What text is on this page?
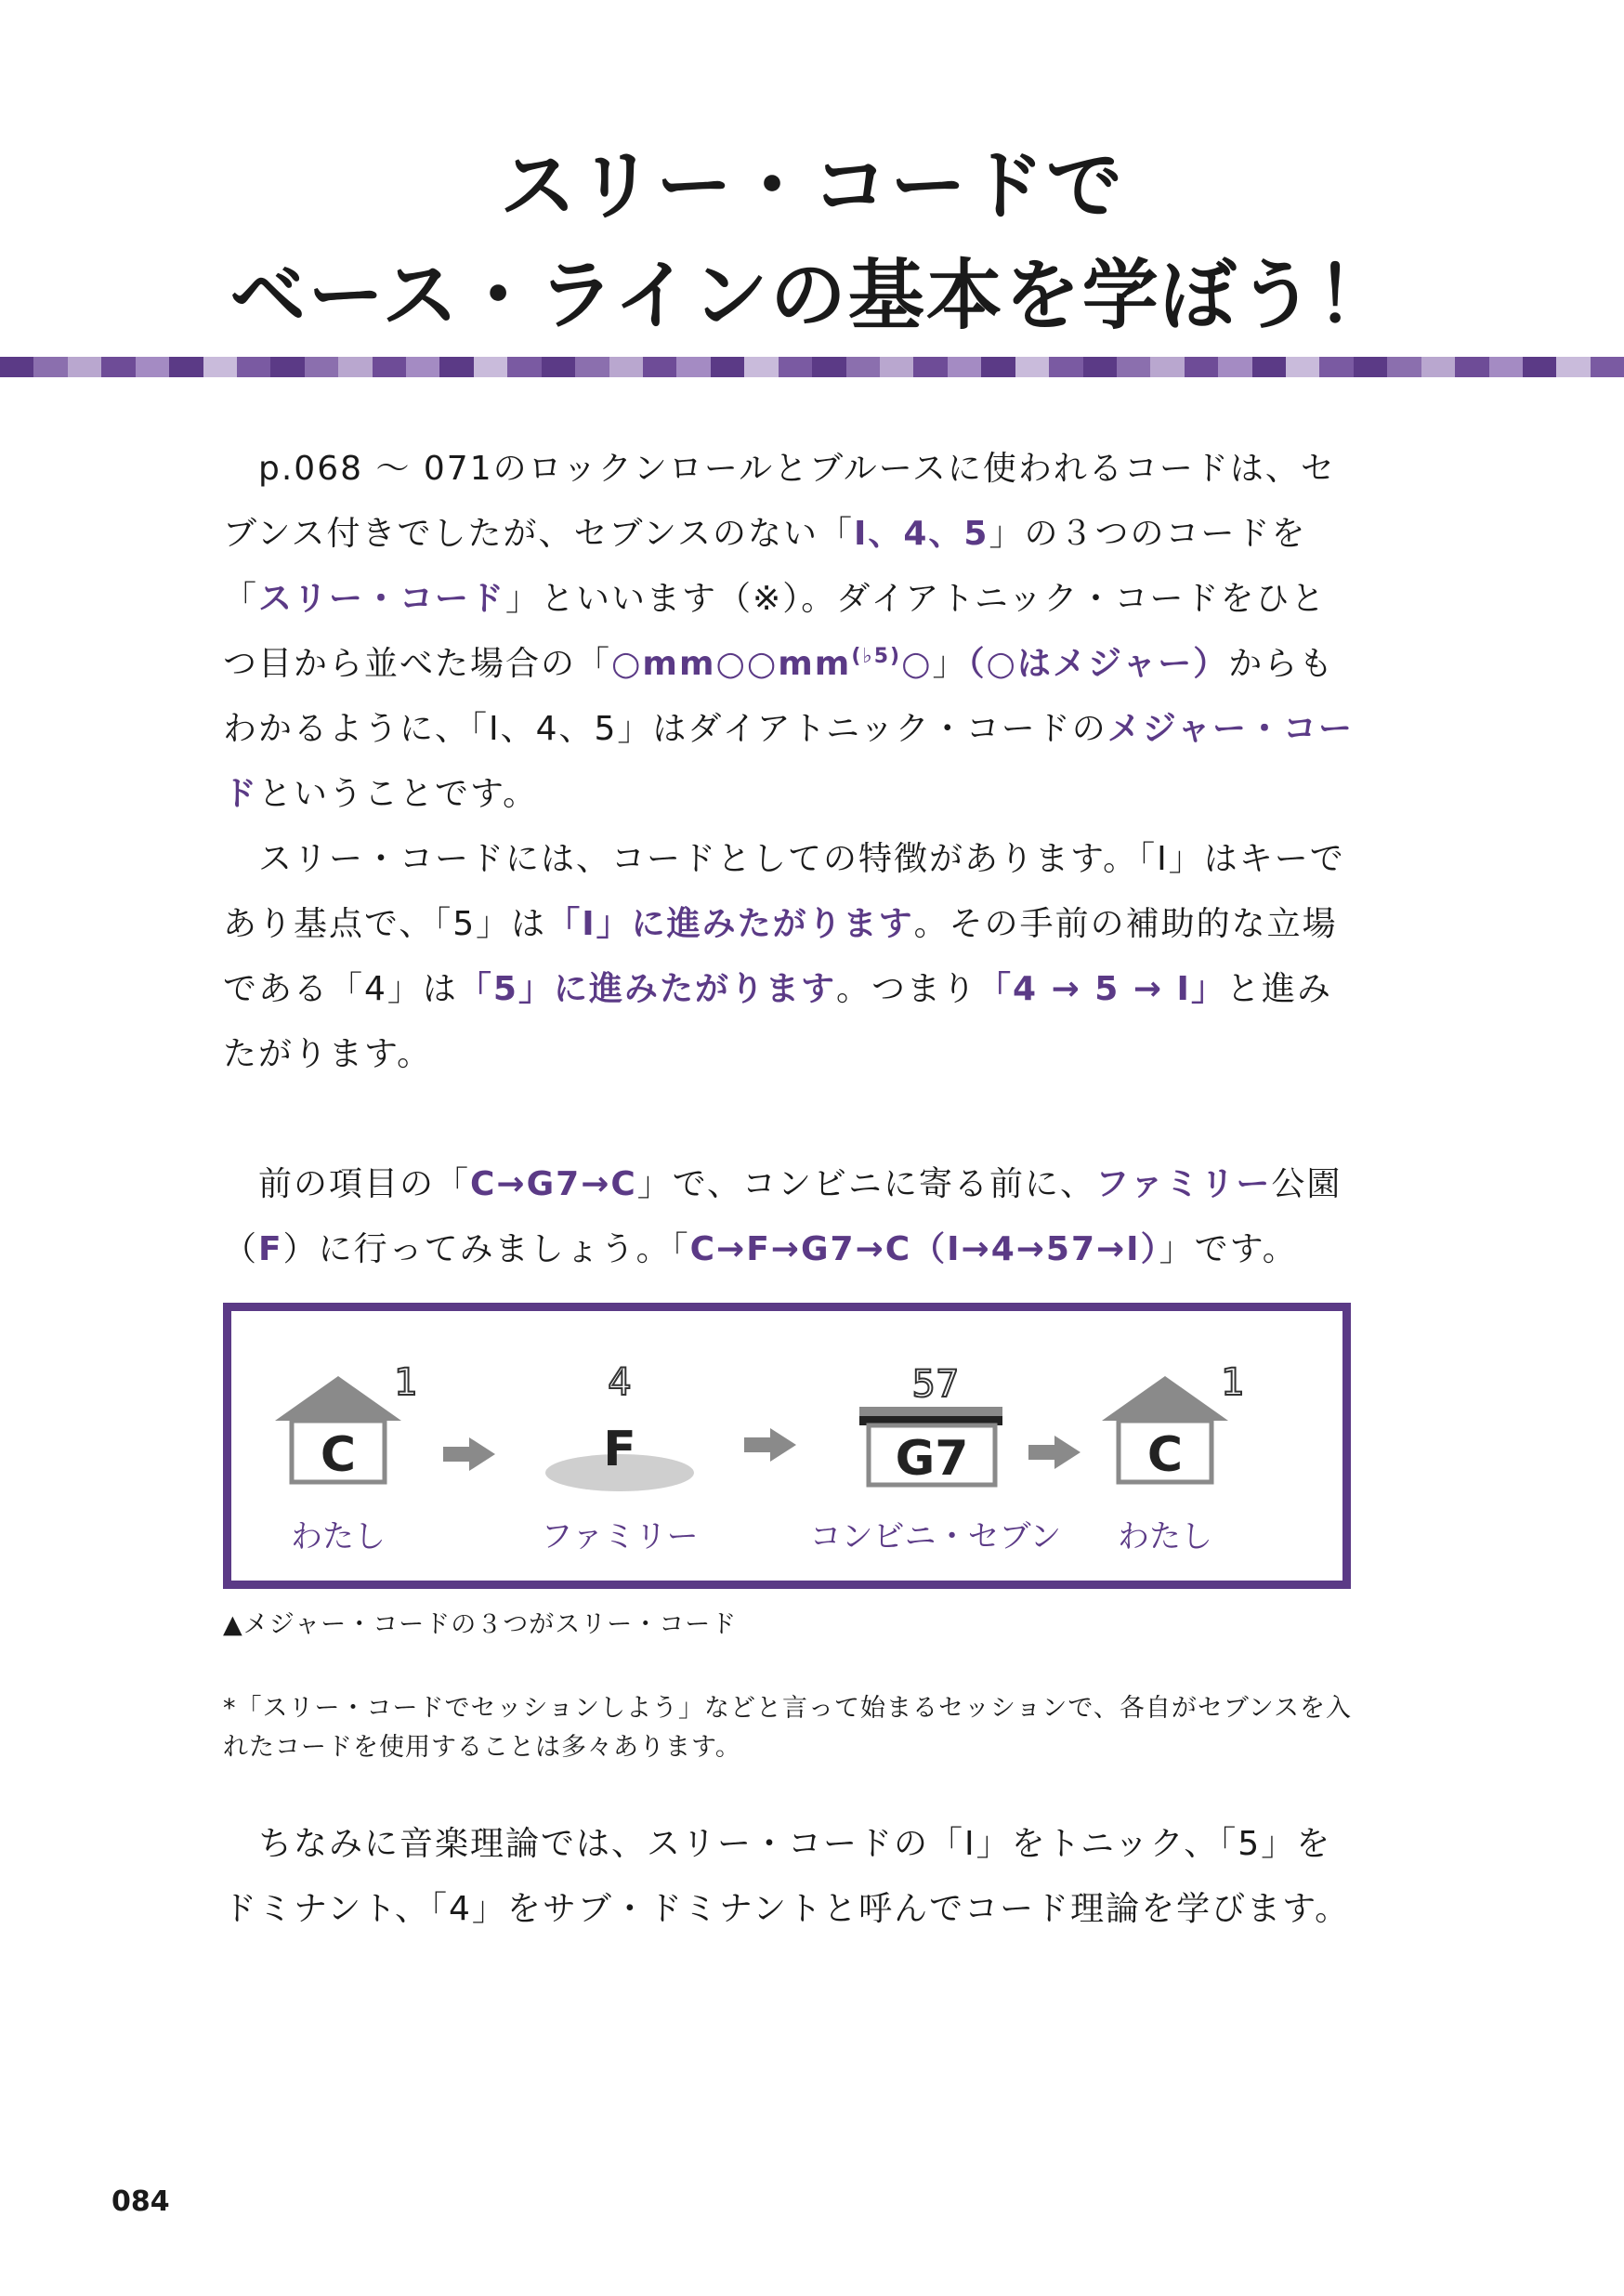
スリー・コードで
ベース・ラインの基本を学ぼう！

　p.068 ～ 071のロックンロールとブルースに使われるコードは、セブンス付きでしたが、セブンスのない「Ⅰ、4、5」の３つのコードを「スリー・コード」といいます（※）。ダイアトニック・コードをひとつ目から並べた場合の「$○mm○○mm^{(♭5)}○$」（○はメジャー）からもわかるように、「Ⅰ、4、5」はダイアトニック・コードのメジャー・コードということです。

　スリー・コードには、コードとしての特徴があります。「Ⅰ」はキーであり基点で、「5」は「Ⅰ」に進みたがります。その手前の補助的な立場である「4」は「5」に進みたがります。つまり「4 → 5 → Ⅰ」と進みたがります。

　前の項目の「C→G7→C」で、コンビニに寄る前に、ファミリー公園（F）に行ってみましょう。「C→F→G7→C（Ⅰ→4→57→Ⅰ）」です。

1
C
わたし
4
F
ファミリー
57
G7
コンビニ・セブン
1
C
わたし

▲メジャー・コードの３つがスリー・コード

*「スリー・コードでセッションしよう」などと言って始まるセッションで、各自がセブンスを入れたコードを使用することは多々あります。

　ちなみに音楽理論では、スリー・コードの「Ⅰ」をトニック、「5」をドミナント、「4」をサブ・ドミナントと呼んでコード理論を学びます。

084
